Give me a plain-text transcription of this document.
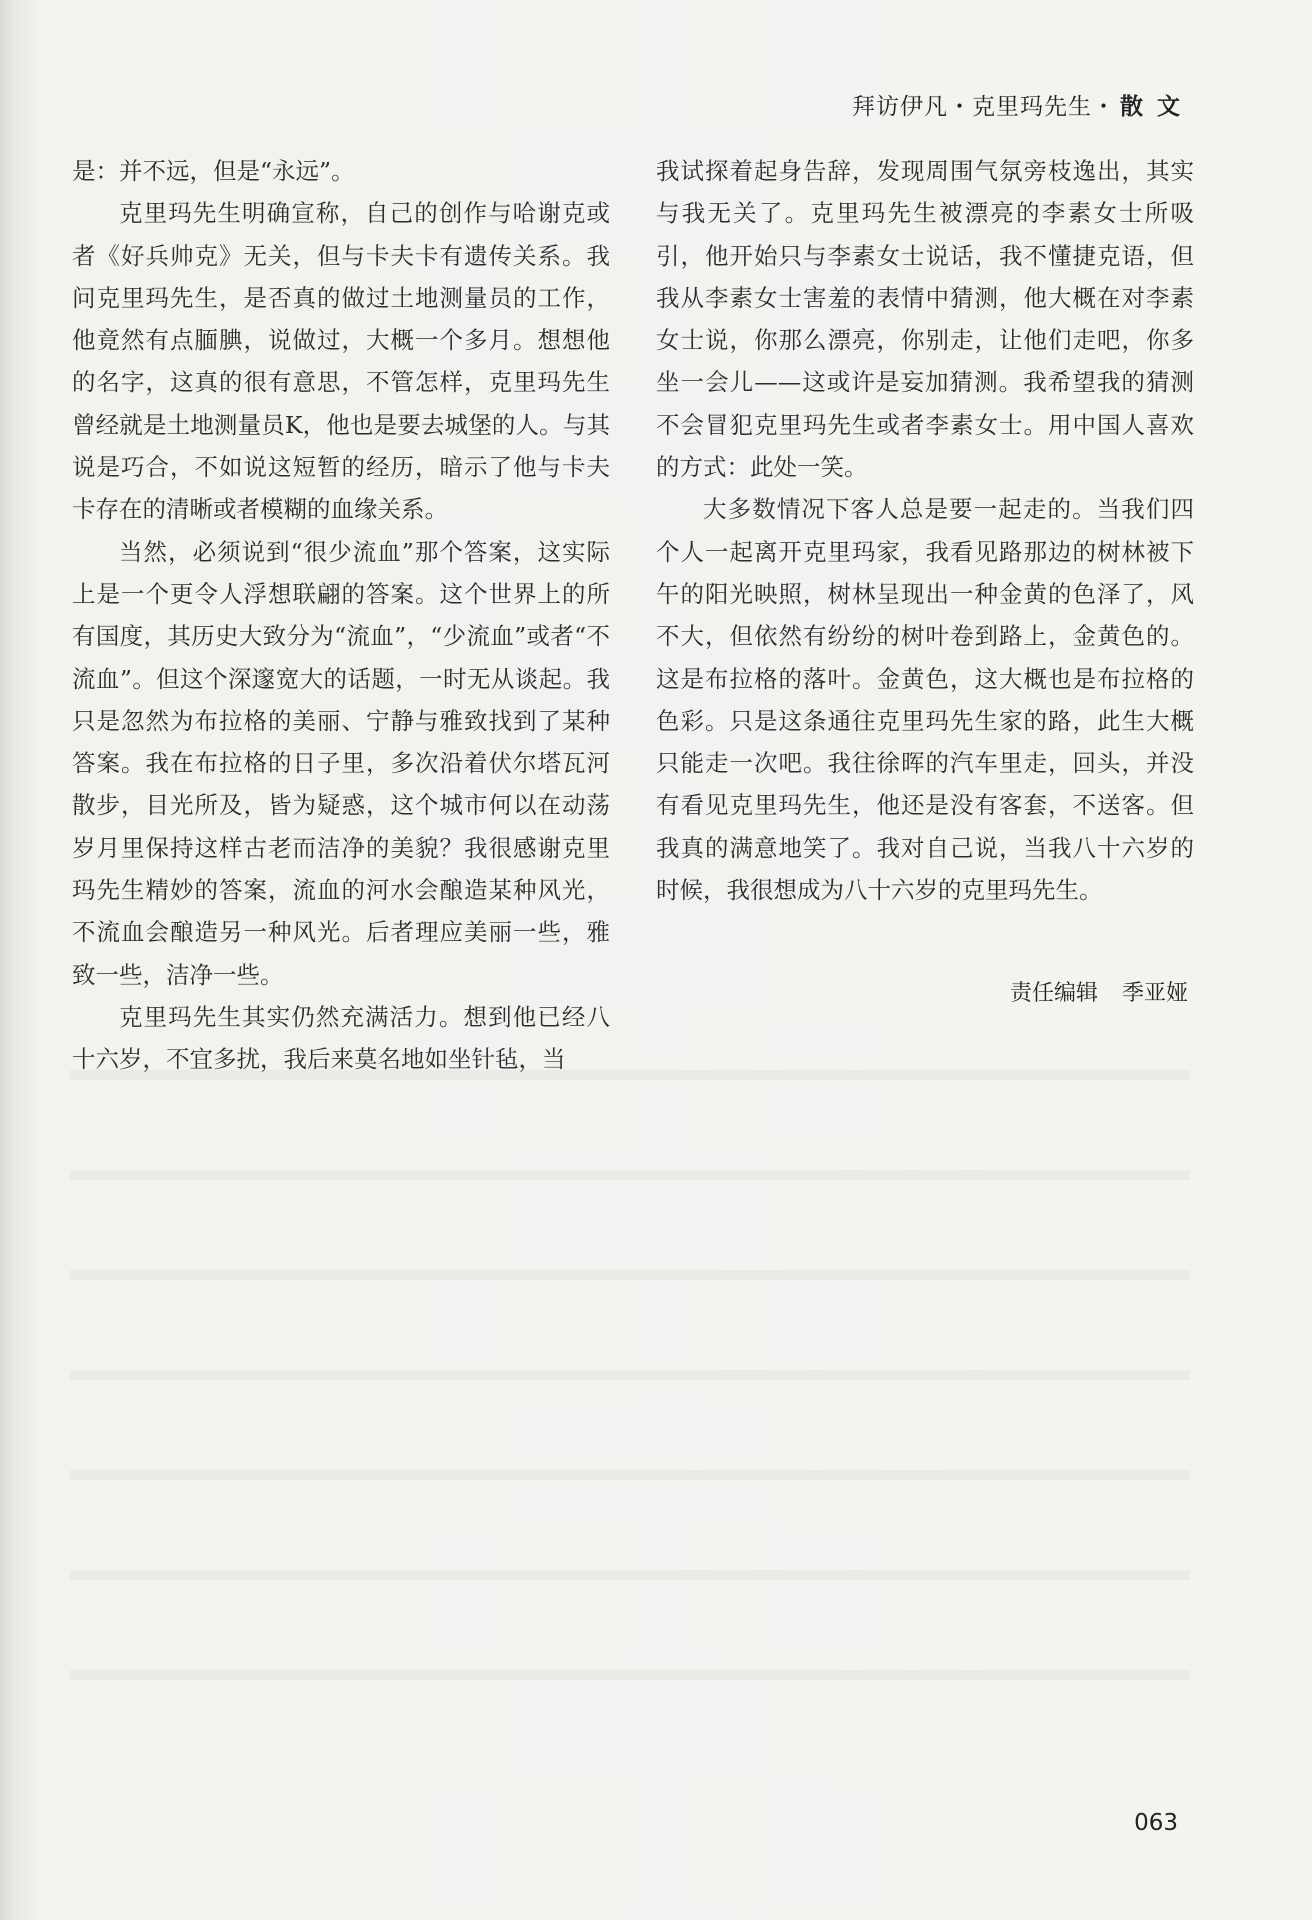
拜访伊凡・克里玛先生・ 散文

是：并不远，但是“永远”。

克里玛先生明确宣称，自己的创作与哈谢克或者《好兵帅克》无关，但与卡夫卡有遗传关系。我问克里玛先生，是否真的做过土地测量员的工作，他竟然有点腼腆，说做过，大概一个多月。想想他的名字，这真的很有意思，不管怎样，克里玛先生曾经就是土地测量员K，他也是要去城堡的人。与其说是巧合，不如说这短暂的经历，暗示了他与卡夫卡存在的清晰或者模糊的血缘关系。

当然，必须说到“很少流血”那个答案，这实际上是一个更令人浮想联翩的答案。这个世界上的所有国度，其历史大致分为“流血”，“少流血”或者“不流血”。但这个深邃宽大的话题，一时无从谈起。我只是忽然为布拉格的美丽、宁静与雅致找到了某种答案。我在布拉格的日子里，多次沿着伏尔塔瓦河散步，目光所及，皆为疑惑，这个城市何以在动荡岁月里保持这样古老而洁净的美貌？我很感谢克里玛先生精妙的答案，流血的河水会酿造某种风光，不流血会酿造另一种风光。后者理应美丽一些，雅致一些，洁净一些。

克里玛先生其实仍然充满活力。想到他已经八十六岁，不宜多扰，我后来莫名地如坐针毡，当

我试探着起身告辞，发现周围气氛旁枝逸出，其实与我无关了。克里玛先生被漂亮的李素女士所吸引，他开始只与李素女士说话，我不懂捷克语，但我从李素女士害羞的表情中猜测，他大概在对李素女士说，你那么漂亮，你别走，让他们走吧，你多坐一会儿——这或许是妄加猜测。我希望我的猜测不会冒犯克里玛先生或者李素女士。用中国人喜欢的方式：此处一笑。

大多数情况下客人总是要一起走的。当我们四个人一起离开克里玛家，我看见路那边的树林被下午的阳光映照，树林呈现出一种金黄的色泽了，风不大，但依然有纷纷的树叶卷到路上，金黄色的。这是布拉格的落叶。金黄色，这大概也是布拉格的色彩。只是这条通往克里玛先生家的路，此生大概只能走一次吧。我往徐晖的汽车里走，回头，并没有看见克里玛先生，他还是没有客套，不送客。但我真的满意地笑了。我对自己说，当我八十六岁的时候，我很想成为八十六岁的克里玛先生。

责任编辑 季亚娅
063
